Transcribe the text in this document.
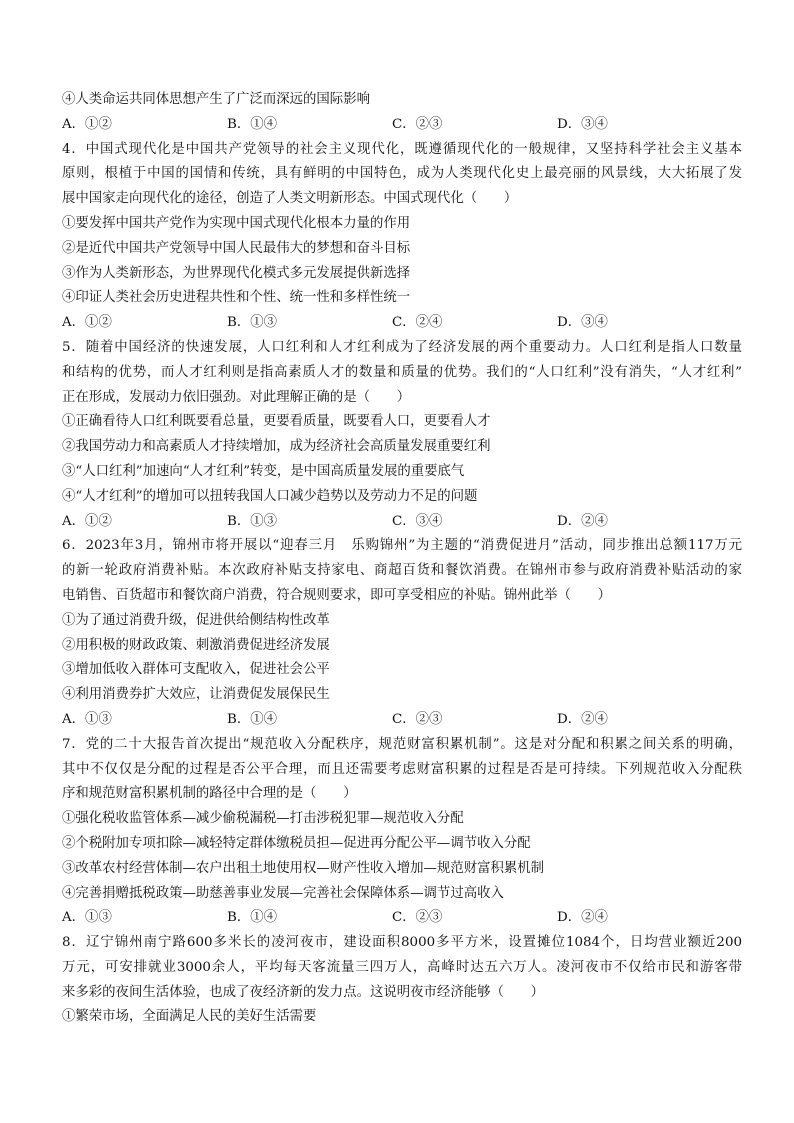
④人类命运共同体思想产生了广泛而深远的国际影响
A．①②	B．①④	C．②③	D．③④
4．中国式现代化是中国共产党领导的社会主义现代化，既遵循现代化的一般规律，又坚持科学社会主义基本
原则，根植于中国的国情和传统，具有鲜明的中国特色，成为人类现代化史上最亮丽的风景线，大大拓展了发
展中国家走向现代化的途径，创造了人类文明新形态。中国式现代化（　　）
①要发挥中国共产党作为实现中国式现代化根本力量的作用
②是近代中国共产党领导中国人民最伟大的梦想和奋斗目标
③作为人类新形态，为世界现代化模式多元发展提供新选择
④印证人类社会历史进程共性和个性、统一性和多样性统一
A．①②	B．①③	C．②④	D．③④
5．随着中国经济的快速发展，人口红利和人才红利成为了经济发展的两个重要动力。人口红利是指人口数量
和结构的优势，而人才红利则是指高素质人才的数量和质量的优势。我们的“人口红利”没有消失，“人才红利”
正在形成，发展动力依旧强劲。对此理解正确的是（　　）
①正确看待人口红利既要看总量，更要看质量，既要看人口，更要看人才
②我国劳动力和高素质人才持续增加，成为经济社会高质量发展重要红利
③“人口红利”加速向“人才红利”转变，是中国高质量发展的重要底气
④“人才红利”的增加可以扭转我国人口减少趋势以及劳动力不足的问题
A．①②	B．①③	C．③④	D．②④
6．2023年3月，锦州市将开展以“迎春三月　乐购锦州”为主题的“消费促进月”活动，同步推出总额117万元
的新一轮政府消费补贴。本次政府补贴支持家电、商超百货和餐饮消费。在锦州市参与政府消费补贴活动的家
电销售、百货超市和餐饮商户消费，符合规则要求，即可享受相应的补贴。锦州此举（　　）
①为了通过消费升级，促进供给侧结构性改革
②用积极的财政政策、刺激消费促进经济发展
③增加低收入群体可支配收入，促进社会公平
④利用消费券扩大效应，让消费促发展保民生
A．①③	B．①④	C．②③	D．②④
7．党的二十大报告首次提出“规范收入分配秩序，规范财富积累机制”。这是对分配和积累之间关系的明确，
其中不仅仅是分配的过程是否公平合理，而且还需要考虑财富积累的过程是否是可持续。下列规范收入分配秩
序和规范财富积累机制的路径中合理的是（　　）
①强化税收监管体系—减少偷税漏税—打击涉税犯罪—规范收入分配
②个税附加专项扣除—减轻特定群体缴税员担—促进再分配公平—调节收入分配
③改革农村经营体制—农户出租土地使用权—财产性收入增加—规范财富积累机制
④完善捐赠抵税政策—助慈善事业发展—完善社会保障体系—调节过高收入
A．①③	B．①④	C．②③	D．②④
8．辽宁锦州南宁路600多米长的凌河夜市，建设面积8000多平方米，设置摊位1084个，日均营业额近200
万元，可安排就业3000余人，平均每天客流量三四万人，高峰时达五六万人。凌河夜市不仅给市民和游客带
来多彩的夜间生活体验，也成了夜经济新的发力点。这说明夜市经济能够（　　）
①繁荣市场，全面满足人民的美好生活需要
